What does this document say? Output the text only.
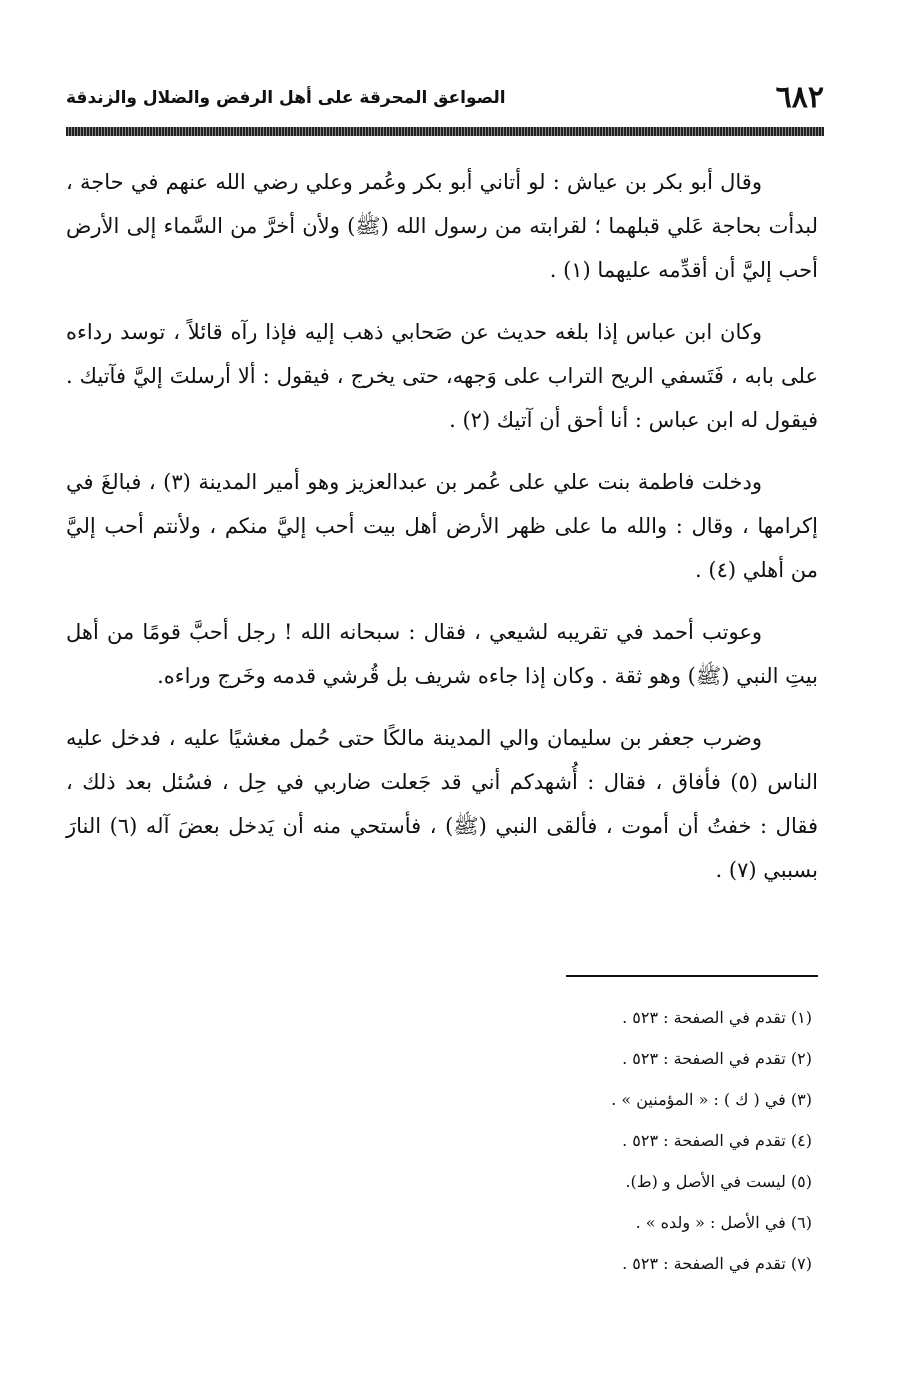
٦٨٢
الصواعق المحرقة على أهل الرفض والضلال والزندقة

وقال أبو بكر بن عياش : لو أتاني أبو بكر وعُمر وعلي رضي الله عنهم في حاجة ، لبدأت بحاجة عَلي قبلهما ؛ لقرابته من رسول الله (ﷺ) ولأن أخرَّ من السَّماء إلى الأرض أحب إليَّ أن أقدِّمه عليهما (١) .

وكان ابن عباس إذا بلغه حديث عن صَحابي ذهب إليه فإذا رآه قائلاً ، توسد رداءه على بابه ، فَتَسفي الريح التراب على وَجهه، حتى يخرج ، فيقول : ألا أرسلتَ إليَّ فآتيك . فيقول له ابن عباس : أنا أحق أن آتيك (٢) .

ودخلت فاطمة بنت علي على عُمر بن عبدالعزيز وهو أمير المدينة (٣) ، فبالغَ في إكرامها ، وقال : والله ما على ظهر الأرض أهل بيت أحب إليَّ منكم ، ولأنتم أحب إليَّ من أهلي (٤) .

وعوتب أحمد في تقريبه لشيعي ، فقال : سبحانه الله ! رجل أحبَّ قومًا من أهل بيتِ النبي (ﷺ) وهو ثقة . وكان إذا جاءه شريف بل قُرشي قدمه وخَرج وراءه.

وضرب جعفر بن سليمان والي المدينة مالكًا حتى حُمل مغشيًا عليه ، فدخل عليه الناس (٥) فأفاق ، فقال : أُشهدكم أني قد جَعلت ضاربي في حِل ، فسُئل بعد ذلك ، فقال : خفتُ أن أموت ، فألقى النبي (ﷺ) ، فأستحي منه أن يَدخل بعضَ آله (٦) النارَ بسببي (٧) .

(١) تقدم في الصفحة : ٥٢٣ .
(٢) تقدم في الصفحة : ٥٢٣ .
(٣) في ( ك ) : « المؤمنين » .
(٤) تقدم في الصفحة : ٥٢٣ .
(٥) ليست في الأصل و (ط).
(٦) في الأصل : « ولده » .
(٧) تقدم في الصفحة : ٥٢٣ .
